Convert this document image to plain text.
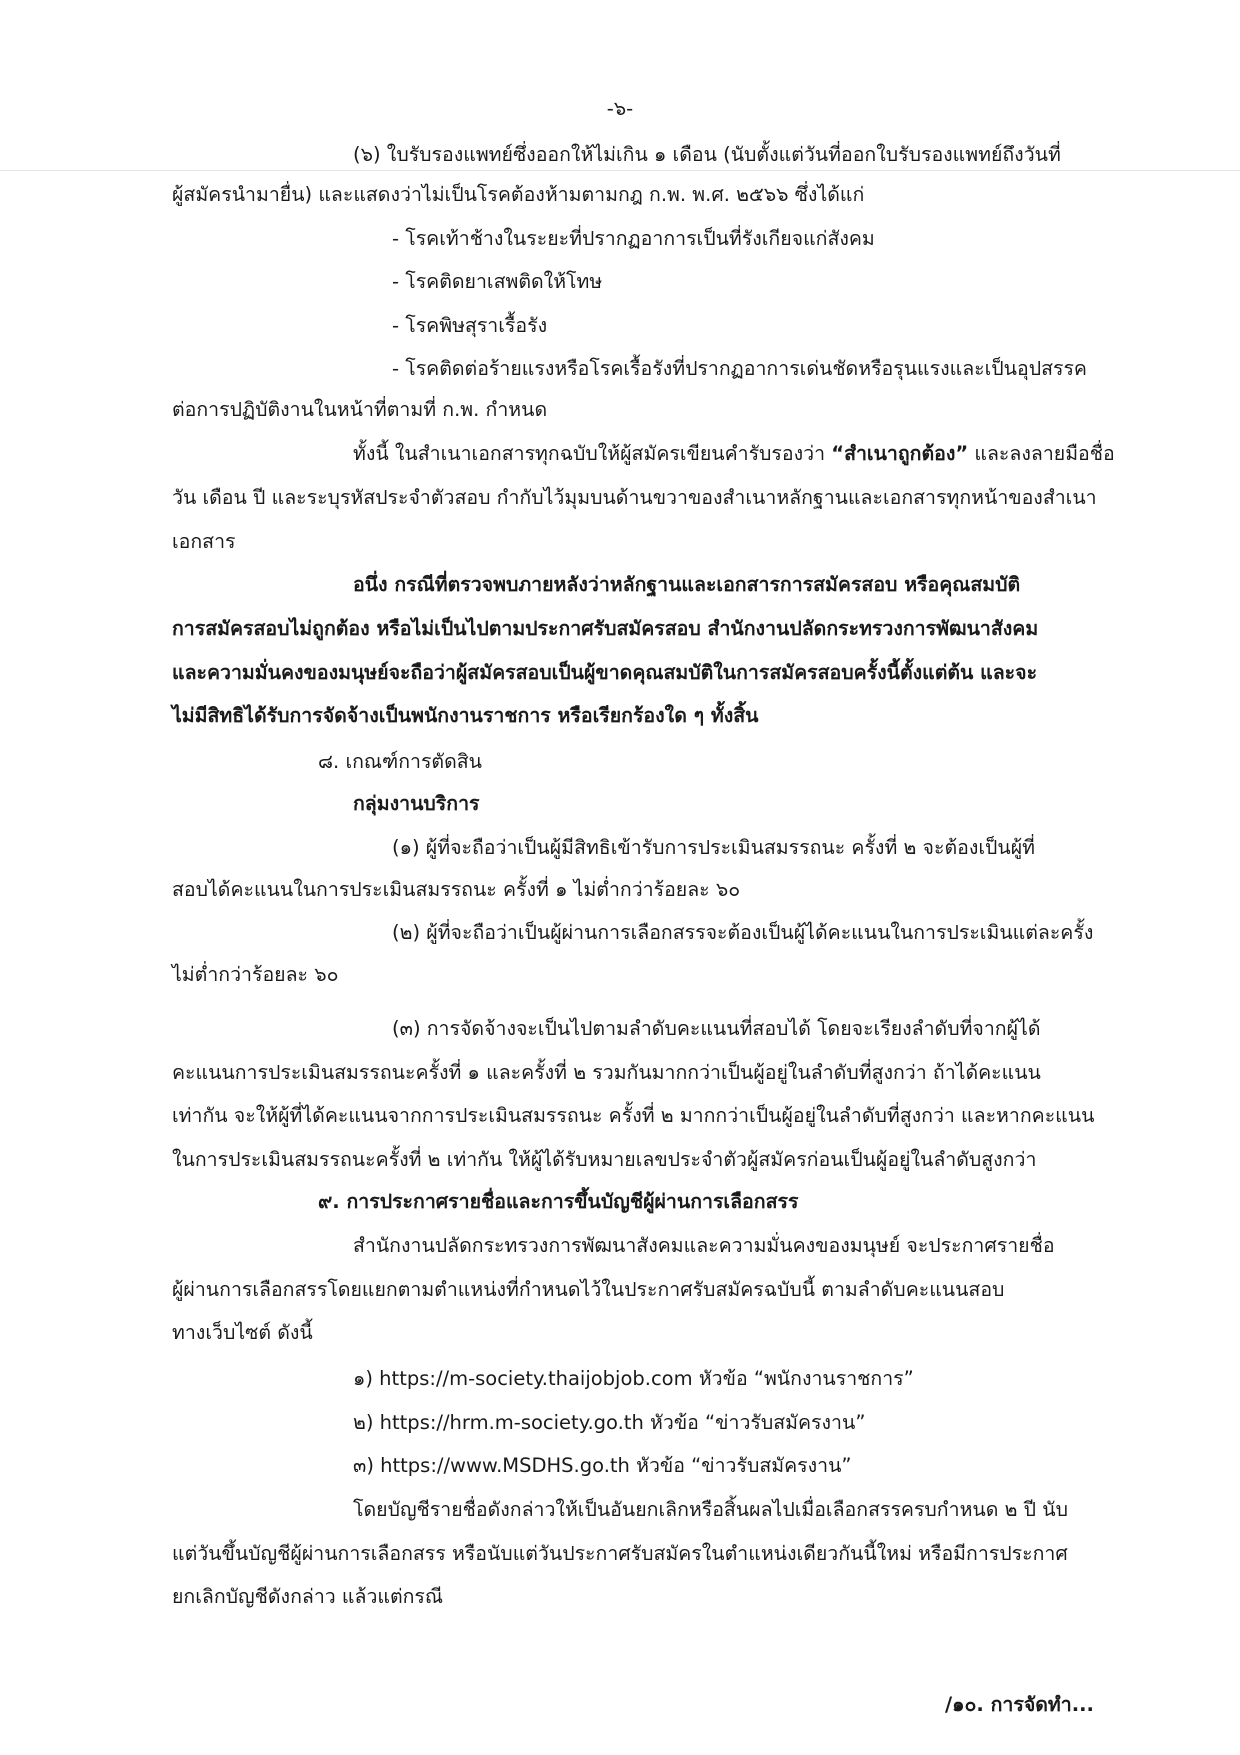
-๖-

(๖) ใบรับรองแพทย์ซึ่งออกให้ไม่เกิน ๑ เดือน (นับตั้งแต่วันที่ออกใบรับรองแพทย์ถึงวันที่

ผู้สมัครนำมายื่น) และแสดงว่าไม่เป็นโรคต้องห้ามตามกฎ ก.พ. พ.ศ. ๒๕๖๖ ซึ่งได้แก่

- โรคเท้าช้างในระยะที่ปรากฏอาการเป็นที่รังเกียจแก่สังคม

- โรคติดยาเสพติดให้โทษ

- โรคพิษสุราเรื้อรัง

- โรคติดต่อร้ายแรงหรือโรคเรื้อรังที่ปรากฏอาการเด่นชัดหรือรุนแรงและเป็นอุปสรรค

ต่อการปฏิบัติงานในหน้าที่ตามที่ ก.พ. กำหนด

ทั้งนี้ ในสำเนาเอกสารทุกฉบับให้ผู้สมัครเขียนคำรับรองว่า “สำเนาถูกต้อง” และลงลายมือชื่อ

วัน เดือน ปี และระบุรหัสประจำตัวสอบ กำกับไว้มุมบนด้านขวาของสำเนาหลักฐานและเอกสารทุกหน้าของสำเนา

เอกสาร

อนึ่ง กรณีที่ตรวจพบภายหลังว่าหลักฐานและเอกสารการสมัครสอบ หรือคุณสมบัติ

การสมัครสอบไม่ถูกต้อง หรือไม่เป็นไปตามประกาศรับสมัครสอบ สำนักงานปลัดกระทรวงการพัฒนาสังคม

และความมั่นคงของมนุษย์จะถือว่าผู้สมัครสอบเป็นผู้ขาดคุณสมบัติในการสมัครสอบครั้งนี้ตั้งแต่ต้น และจะ

ไม่มีสิทธิได้รับการจัดจ้างเป็นพนักงานราชการ หรือเรียกร้องใด ๆ ทั้งสิ้น

๘. เกณฑ์การตัดสิน

กลุ่มงานบริการ

(๑) ผู้ที่จะถือว่าเป็นผู้มีสิทธิเข้ารับการประเมินสมรรถนะ ครั้งที่ ๒ จะต้องเป็นผู้ที่

สอบได้คะแนนในการประเมินสมรรถนะ ครั้งที่ ๑ ไม่ต่ำกว่าร้อยละ ๖๐

(๒) ผู้ที่จะถือว่าเป็นผู้ผ่านการเลือกสรรจะต้องเป็นผู้ได้คะแนนในการประเมินแต่ละครั้ง

ไม่ต่ำกว่าร้อยละ ๖๐

(๓) การจัดจ้างจะเป็นไปตามลำดับคะแนนที่สอบได้ โดยจะเรียงลำดับที่จากผู้ได้

คะแนนการประเมินสมรรถนะครั้งที่ ๑ และครั้งที่ ๒ รวมกันมากกว่าเป็นผู้อยู่ในลำดับที่สูงกว่า ถ้าได้คะแนน

เท่ากัน จะให้ผู้ที่ได้คะแนนจากการประเมินสมรรถนะ ครั้งที่ ๒ มากกว่าเป็นผู้อยู่ในลำดับที่สูงกว่า และหากคะแนน

ในการประเมินสมรรถนะครั้งที่ ๒ เท่ากัน ให้ผู้ได้รับหมายเลขประจำตัวผู้สมัครก่อนเป็นผู้อยู่ในลำดับสูงกว่า

๙. การประกาศรายชื่อและการขึ้นบัญชีผู้ผ่านการเลือกสรร

สำนักงานปลัดกระทรวงการพัฒนาสังคมและความมั่นคงของมนุษย์ จะประกาศรายชื่อ

ผู้ผ่านการเลือกสรรโดยแยกตามตำแหน่งที่กำหนดไว้ในประกาศรับสมัครฉบับนี้ ตามลำดับคะแนนสอบ

ทางเว็บไซต์ ดังนี้

๑) https://m-society.thaijobjob.com หัวข้อ “พนักงานราชการ”

๒) https://hrm.m-society.go.th หัวข้อ “ข่าวรับสมัครงาน”

๓) https://www.MSDHS.go.th หัวข้อ “ข่าวรับสมัครงาน”

โดยบัญชีรายชื่อดังกล่าวให้เป็นอันยกเลิกหรือสิ้นผลไปเมื่อเลือกสรรครบกำหนด ๒ ปี นับ

แต่วันขึ้นบัญชีผู้ผ่านการเลือกสรร หรือนับแต่วันประกาศรับสมัครในตำแหน่งเดียวกันนี้ใหม่ หรือมีการประกาศ

ยกเลิกบัญชีดังกล่าว แล้วแต่กรณี

/๑๐. การจัดทำ...
